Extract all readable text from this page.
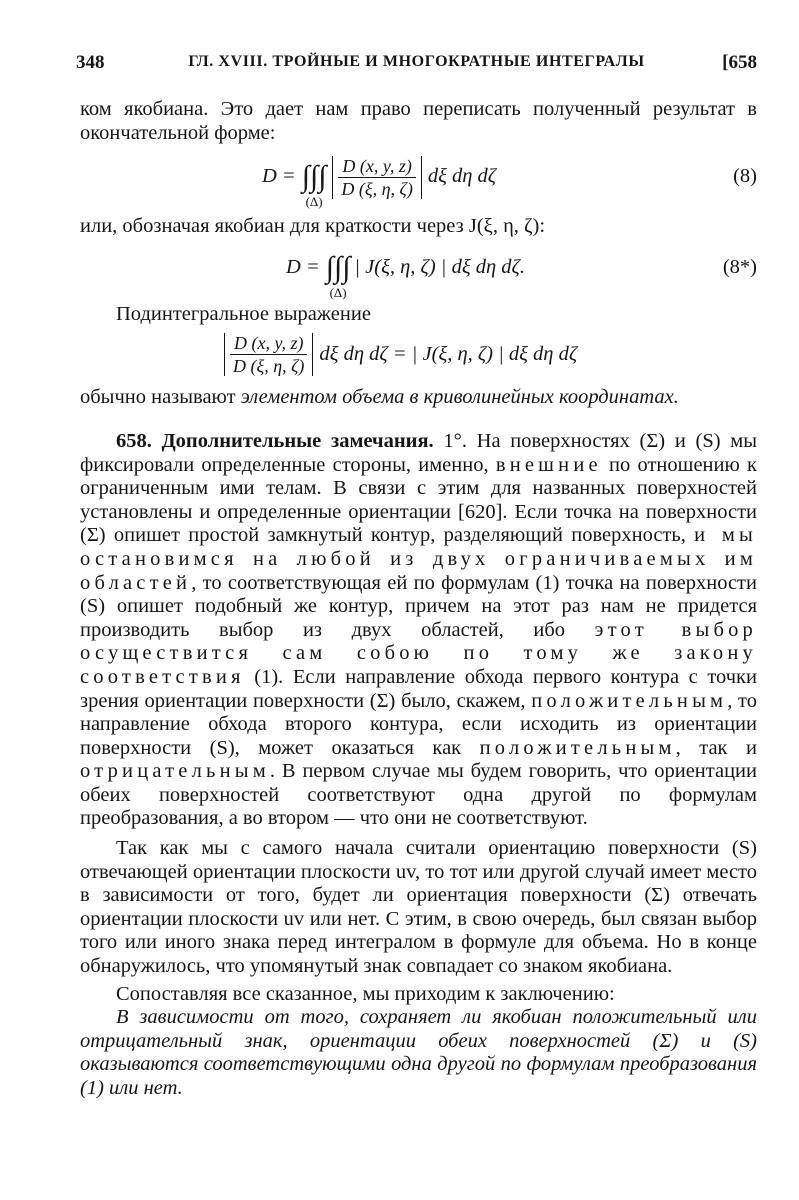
348	ГЛ. XVIII. ТРОЙНЫЕ И МНОГОКРАТНЫЕ ИНТЕГРАЛЫ	[658

ком якобиана. Это дает нам право переписать полученный результат в окончательной форме:

D = ∫∫∫
(Δ)
$\frac{D (x, y, z)}{D (\xi, \eta, \zeta)}$ dξ dη dζ	(8)

или, обозначая якобиан для краткости через J(ξ, η, ζ):

D = ∫∫∫
(Δ)
| J(ξ, η, ζ) | dξ dη dζ.	(8*)

Подинтегральное выражение

$\frac{D (x, y, z)}{D (\xi, \eta, \zeta)}$ dξ dη dζ = | J(ξ, η, ζ) | dξ dη dζ

обычно называют элементом объема в криволинейных координатах.

658. Дополнительные замечания. 1°. На поверхностях (Σ) и (S) мы фиксировали определенные стороны, именно, внешние по отношению к ограниченным ими телам. В связи с этим для названных поверхностей установлены и определенные ориентации [620]. Если точка на поверхности (Σ) опишет простой замкнутый контур, разделяющий поверхность, и мы остановимся на любой из двух ограничиваемых им областей, то соответствующая ей по формулам (1) точка на поверхности (S) опишет подобный же контур, причем на этот раз нам не придется производить выбор из двух областей, ибо этот выбор осуществится сам собою по тому же закону соответствия (1). Если направление обхода первого контура с точки зрения ориентации поверхности (Σ) было, скажем, положительным, то направление обхода второго контура, если исходить из ориентации поверхности (S), может оказаться как положительным, так и отрицательным. В первом случае мы будем говорить, что ориентации обеих поверхностей соответствуют одна другой по формулам преобразования, а во втором — что они не соответствуют.

Так как мы с самого начала считали ориентацию поверхности (S) отвечающей ориентации плоскости uv, то тот или другой случай имеет место в зависимости от того, будет ли ориентация поверхности (Σ) отвечать ориентации плоскости uv или нет. С этим, в свою очередь, был связан выбор того или иного знака перед интегралом в формуле для объема. Но в конце обнаружилось, что упомянутый знак совпадает со знаком якобиана.

Сопоставляя все сказанное, мы приходим к заключению:

В зависимости от того, сохраняет ли якобиан положительный или отрицательный знак, ориентации обеих поверхностей (Σ) и (S) оказываются соответствующими одна другой по формулам преобразования (1) или нет.
